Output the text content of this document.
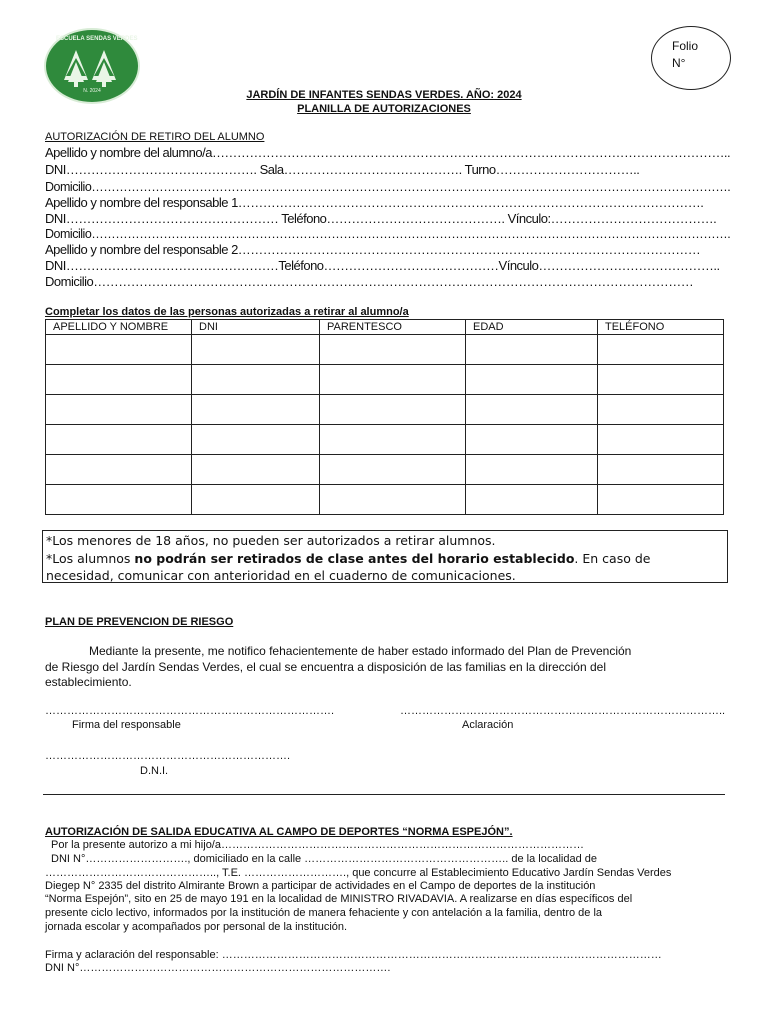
ESCUELA SENDAS VERDES
N. 2024
Folio
N°
JARDÍN DE INFANTES SENDAS VERDES. AÑO: 2024
PLANILLA DE AUTORIZACIONES
AUTORIZACIÓN DE RETIRO DEL ALUMNO
Apellido y nombre del alumno/a……………………………………………………………………………………………………………..
DNI………………………………………. Sala……………………………………. Turno……………………………..
Domicilio…………………………………………………………………………………………………………………………………………….
Apellido y nombre del responsable 1………………………………………………………………………………………………….
DNI…………………………………………… Teléfono……………………………………. Vínculo:………………………………….
Domicilio…………………………………………………………………………………………………………………………………………….
Apellido y nombre del responsable 2…………………………………………………………………………………………………
DNI……………………………………………Teléfono……………………………………Vínculo……………………………………..
Domicilio………………………………………………………………………………………………………………………………
Completar los datos de las personas autorizadas a retirar al alumno/a
APELLIDO Y NOMBRE	DNI	PARENTESCO	EDAD	TELÉFONO

*Los menores de 18 años, no pueden ser autorizados a retirar alumnos.
*Los alumnos no podrán ser retirados de clase antes del horario establecido. En caso de
necesidad, comunicar con anterioridad en el cuaderno de comunicaciones.
PLAN DE PREVENCION DE RIESGO
Mediante la presente, me notifico fehacientemente de haber estado informado del Plan de Prevención
de Riesgo del Jardín Sendas Verdes, el cual se encuentra a disposición de las familias en la dirección del
establecimiento.
…………………………………………………………………….	……………………………………………………………………………..
Firma del responsable	Aclaración
………………………………………………………….
D.N.I.
AUTORIZACIÓN DE SALIDA EDUCATIVA AL CAMPO DE DEPORTES “NORMA ESPEJÓN”.
Por la presente autorizo a mi hijo/a………………………………………………………………………………………
DNI N°………………………., domiciliado en la calle ……………………………………………….. de la localidad de
……………………………………….., T.E. ………………………., que concurre al Establecimiento Educativo Jardín Sendas Verdes
Diegep N° 2335 del distrito Almirante Brown a participar de actividades en el Campo de deportes de la institución
“Norma Espejón”, sito en 25 de mayo 191 en la localidad de MINISTRO RIVADAVIA. A realizarse en días específicos del
presente ciclo lectivo, informados por la institución de manera fehaciente y con antelación a la familia, dentro de la
jornada escolar y acompañados por personal de la institución.
Firma y aclaración del responsable: …………………………………………………………………………………………………………
DNI N°………………………………………………………………………….
